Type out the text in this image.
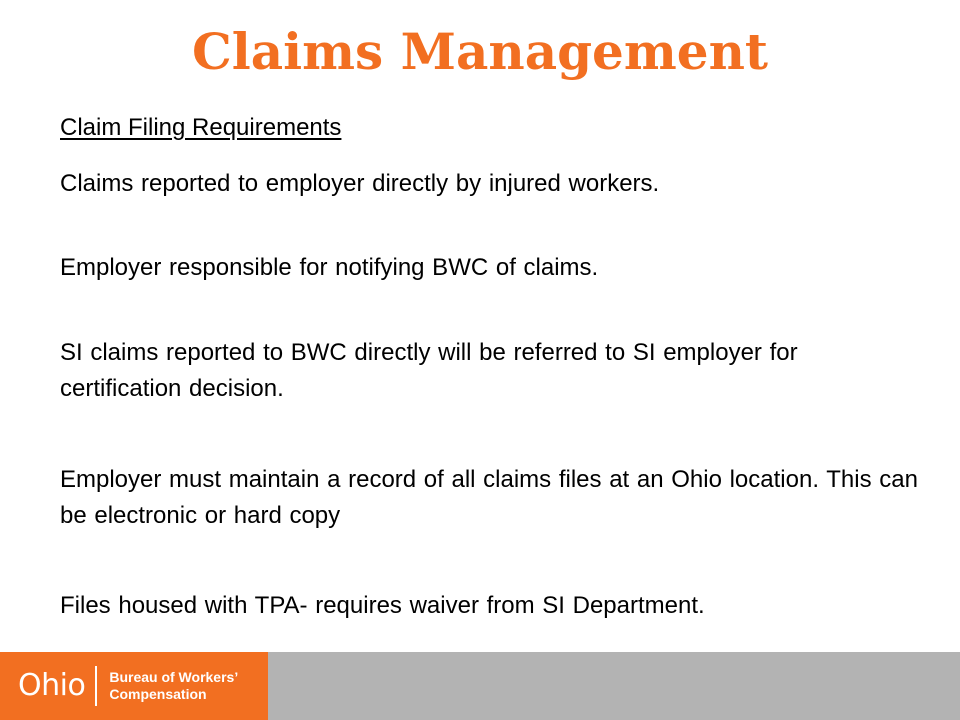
Claims Management

Claim Filing Requirements

Claims reported to employer directly by injured workers.

Employer responsible for notifying BWC of claims.

SI claims reported to BWC directly will be referred to SI employer for certification decision.

Employer must maintain a record of all claims files at an Ohio location. This can be electronic or hard copy

Files housed with TPA- requires waiver from SI Department.

Ohio Bureau of Workers’
Compensation
